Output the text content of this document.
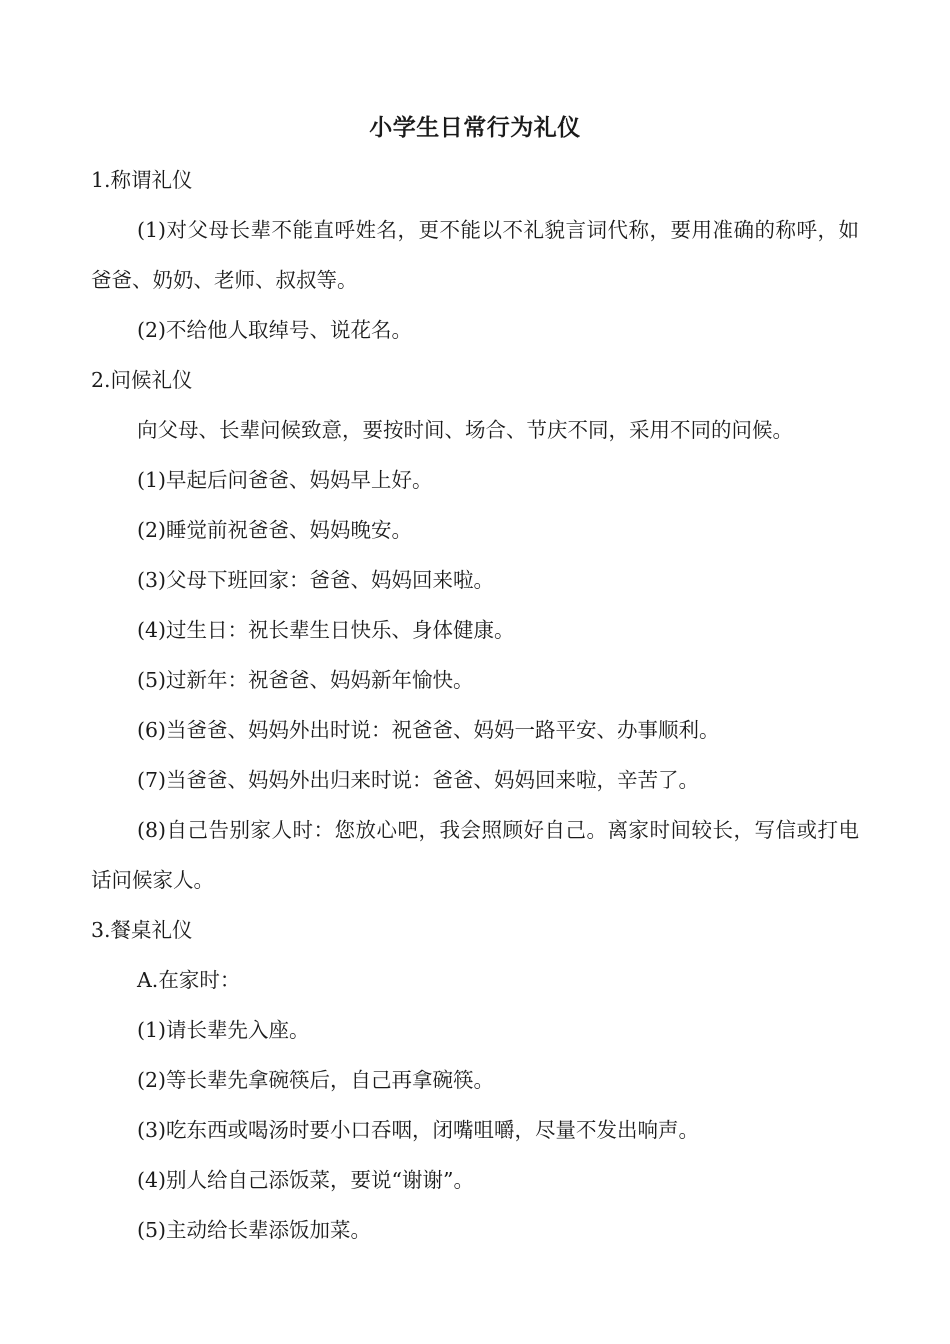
小学生日常行为礼仪
1.称谓礼仪
(1)对父母长辈不能直呼姓名，更不能以不礼貌言词代称，要用准确的称呼，如爸爸、奶奶、老师、叔叔等。
(2)不给他人取绰号、说花名。
2.问候礼仪
向父母、长辈问候致意，要按时间、场合、节庆不同，采用不同的问候。
(1)早起后问爸爸、妈妈早上好。
(2)睡觉前祝爸爸、妈妈晚安。
(3)父母下班回家：爸爸、妈妈回来啦。
(4)过生日：祝长辈生日快乐、身体健康。
(5)过新年：祝爸爸、妈妈新年愉快。
(6)当爸爸、妈妈外出时说：祝爸爸、妈妈一路平安、办事顺利。
(7)当爸爸、妈妈外出归来时说：爸爸、妈妈回来啦，辛苦了。
(8)自己告别家人时：您放心吧，我会照顾好自己。离家时间较长，写信或打电话问候家人。
3.餐桌礼仪
A.在家时：
(1)请长辈先入座。
(2)等长辈先拿碗筷后，自己再拿碗筷。
(3)吃东西或喝汤时要小口吞咽，闭嘴咀嚼，尽量不发出响声。
(4)别人给自己添饭菜，要说“谢谢”。
(5)主动给长辈添饭加菜。
